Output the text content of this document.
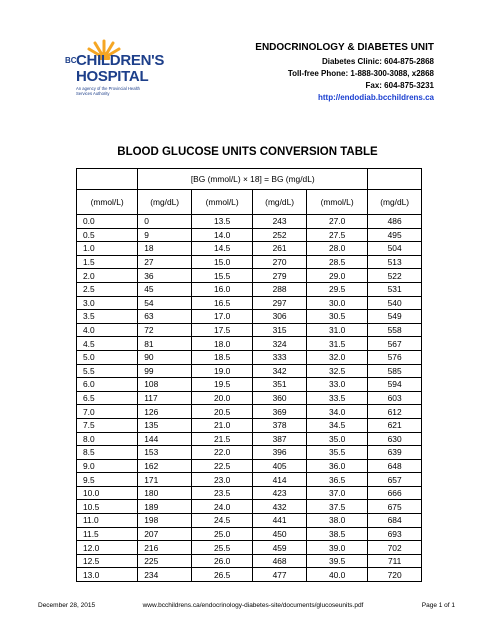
BC CHILDREN'S
HOSPITAL
An agency of the Provincial Health Services Authority
ENDOCRINOLOGY & DIABETES UNIT
Diabetes Clinic: 604-875-2868
Toll-free Phone: 1-888-300-3088, x2868
Fax: 604-875-3231
http://endodiab.bcchildrens.ca
BLOOD GLUCOSE UNITS CONVERSION TABLE
	[BG (mmol/L) × 18] = BG (mg/dL)				
(mmol/L)	(mg/dL)	(mmol/L)	(mg/dL)	(mmol/L)	(mg/dL)
0.0	0	13.5	243	27.0	486
0.5	9	14.0	252	27.5	495
1.0	18	14.5	261	28.0	504
1.5	27	15.0	270	28.5	513
2.0	36	15.5	279	29.0	522
2.5	45	16.0	288	29.5	531
3.0	54	16.5	297	30.0	540
3.5	63	17.0	306	30.5	549
4.0	72	17.5	315	31.0	558
4.5	81	18.0	324	31.5	567
5.0	90	18.5	333	32.0	576
5.5	99	19.0	342	32.5	585
6.0	108	19.5	351	33.0	594
6.5	117	20.0	360	33.5	603
7.0	126	20.5	369	34.0	612
7.5	135	21.0	378	34.5	621
8.0	144	21.5	387	35.0	630
8.5	153	22.0	396	35.5	639
9.0	162	22.5	405	36.0	648
9.5	171	23.0	414	36.5	657
10.0	180	23.5	423	37.0	666
10.5	189	24.0	432	37.5	675
11.0	198	24.5	441	38.0	684
11.5	207	25.0	450	38.5	693
12.0	216	25.5	459	39.0	702
12.5	225	26.0	468	39.5	711
13.0	234	26.5	477	40.0	720
December 28, 2015	www.bcchildrens.ca/endocrinology-diabetes-site/documents/glucoseunits.pdf	Page 1 of 1
